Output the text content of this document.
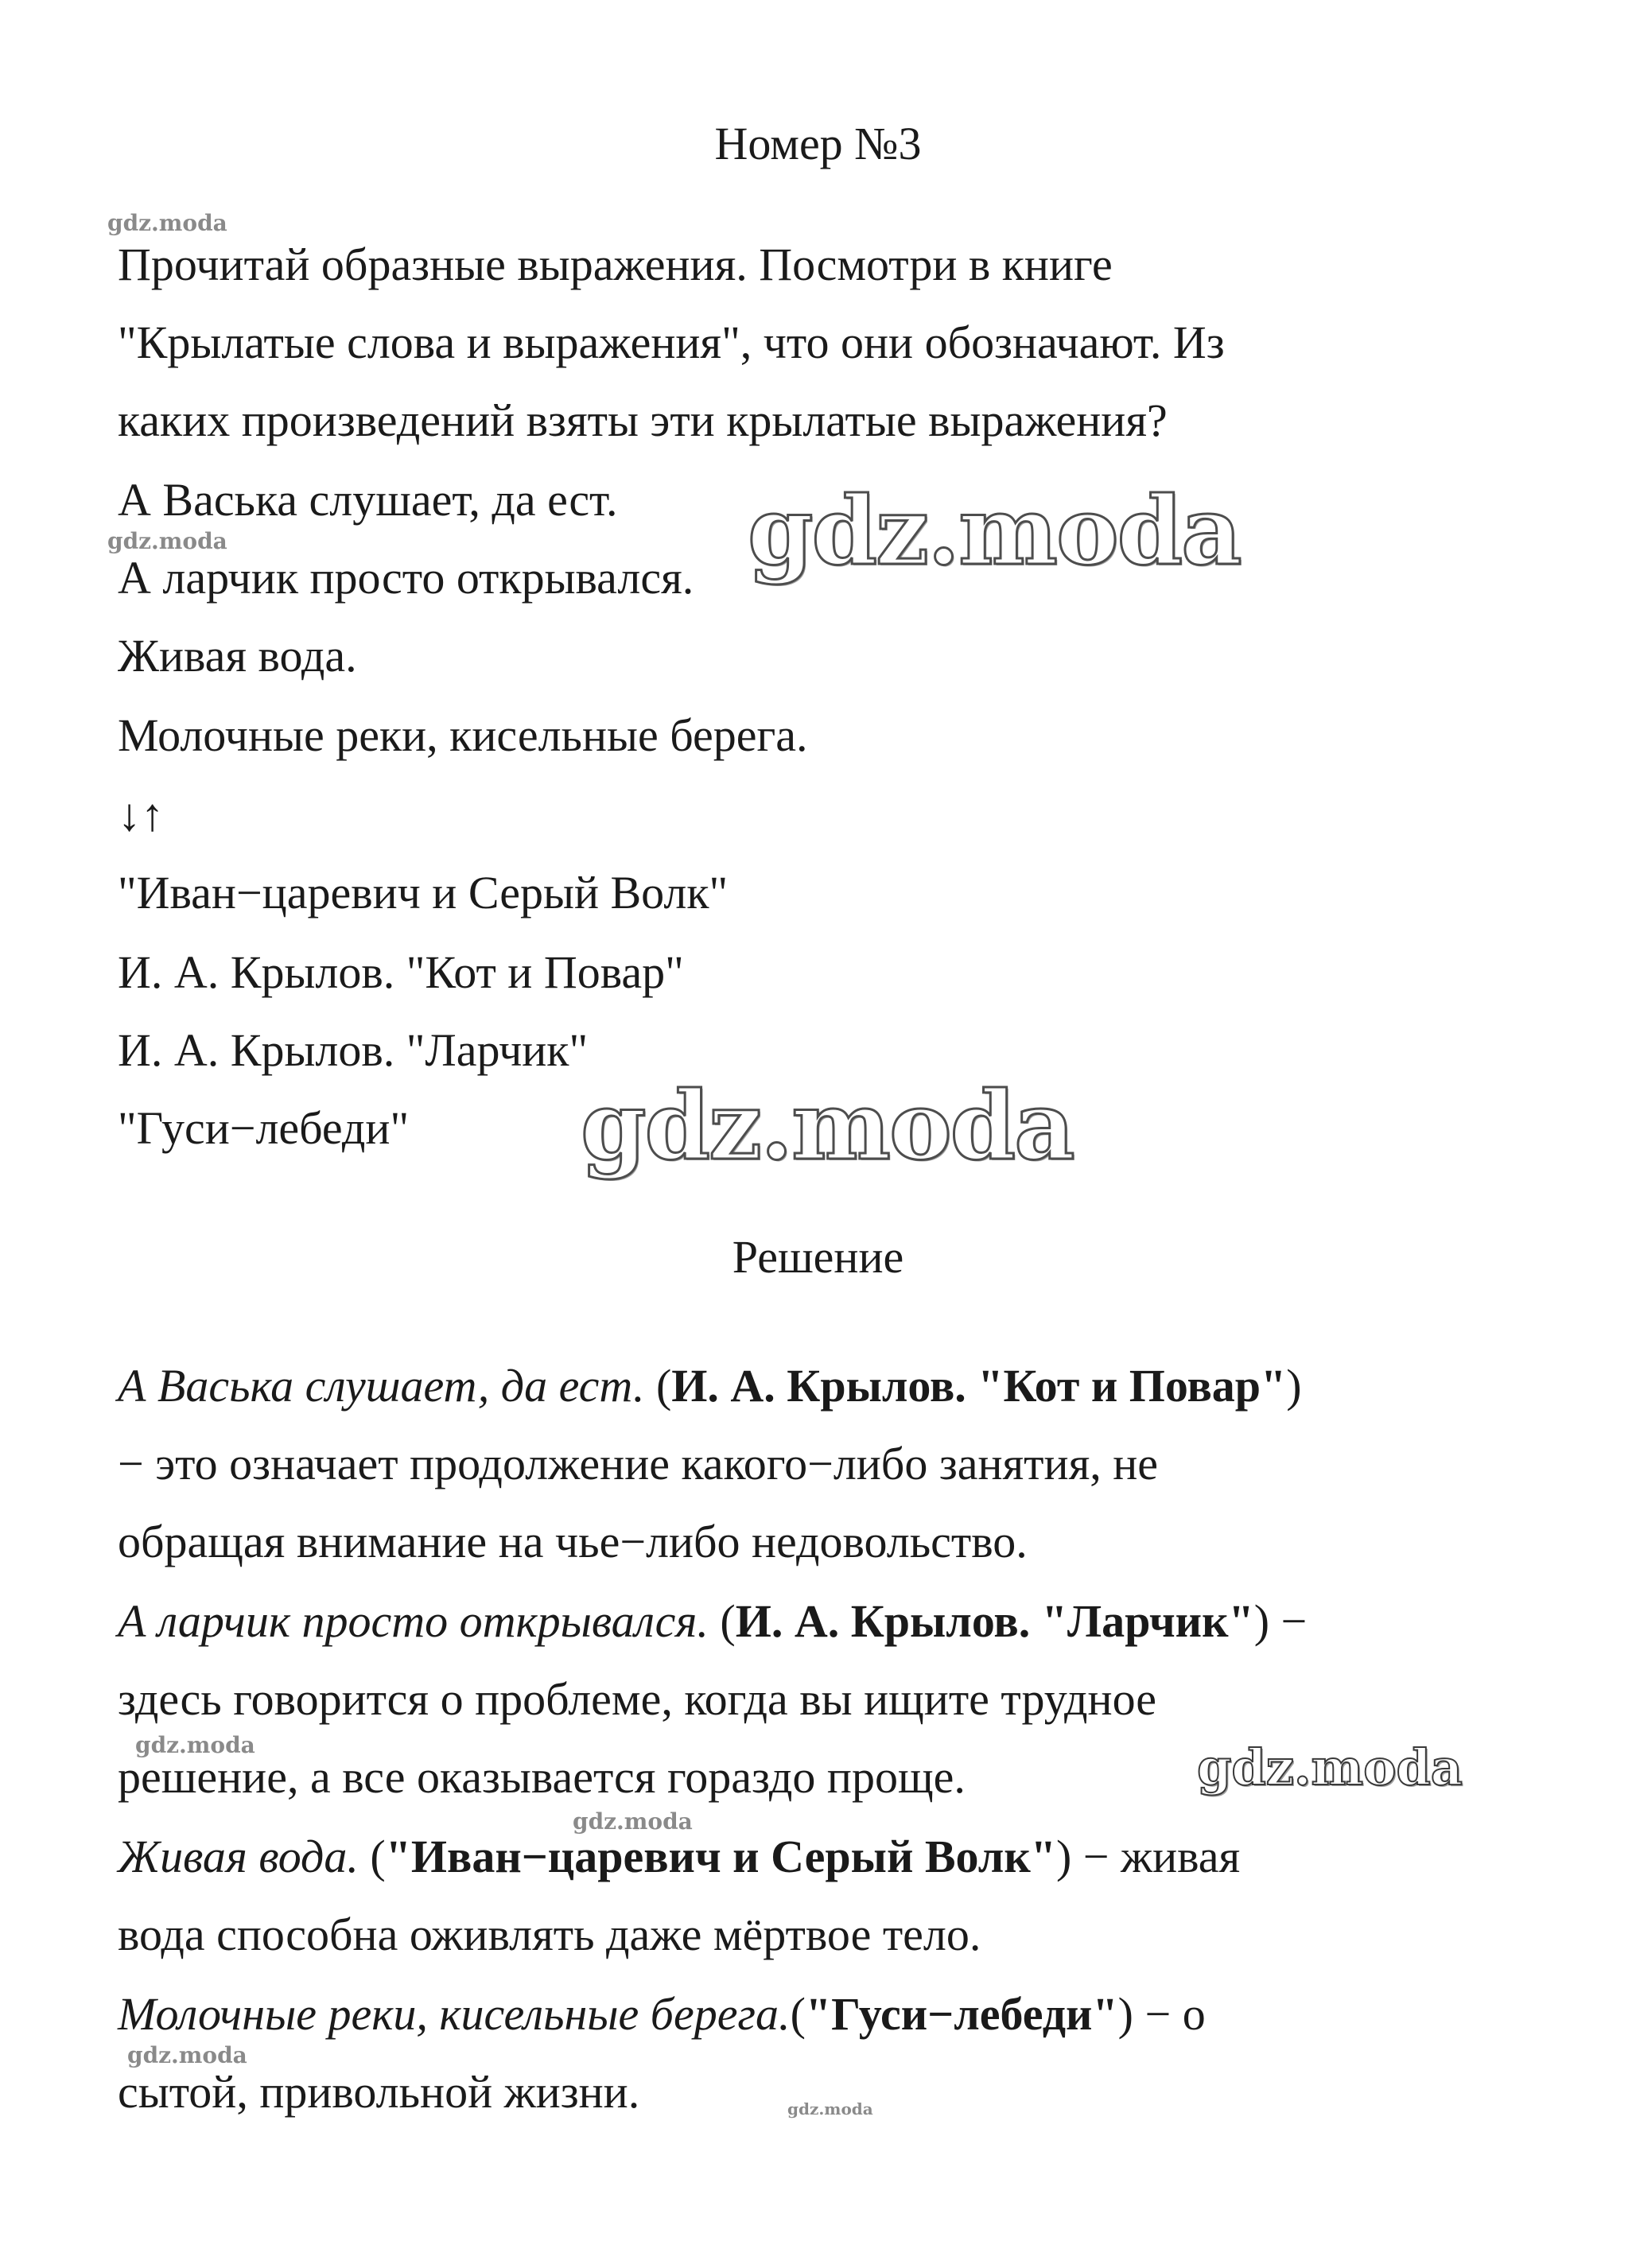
Номер №3
Прочитай образные выражения. Посмотри в книге
"Крылатые слова и выражения", что они обозначают. Из
каких произведений взяты эти крылатые выражения?
А Васька слушает, да ест.
А ларчик просто открывался.
Живая вода.
Молочные реки, кисельные берега.
↓↑
"Иван−царевич и Серый Волк"
И. А. Крылов. "Кот и Повар"
И. А. Крылов. "Ларчик"
"Гуси−лебеди"
Решение
А Васька слушает, да ест. (И. А. Крылов. "Кот и Повар")
− это означает продолжение какого−либо занятия, не
обращая внимание на чье−либо недовольство.
А ларчик просто открывался. (И. А. Крылов. "Ларчик") −
здесь говорится о проблеме, когда вы ищите трудное
решение, а все оказывается гораздо проще.
Живая вода. ("Иван−царевич и Серый Волк") − живая
вода способна оживлять даже мёртвое тело.
Молочные реки, кисельные берега.("Гуси−лебеди") − о
сытой, привольной жизни.
gdz.moda
gdz.moda
gdz.moda
gdz.moda
gdz.moda
gdz.moda
gdz.moda
gdz.moda
gdz.moda
